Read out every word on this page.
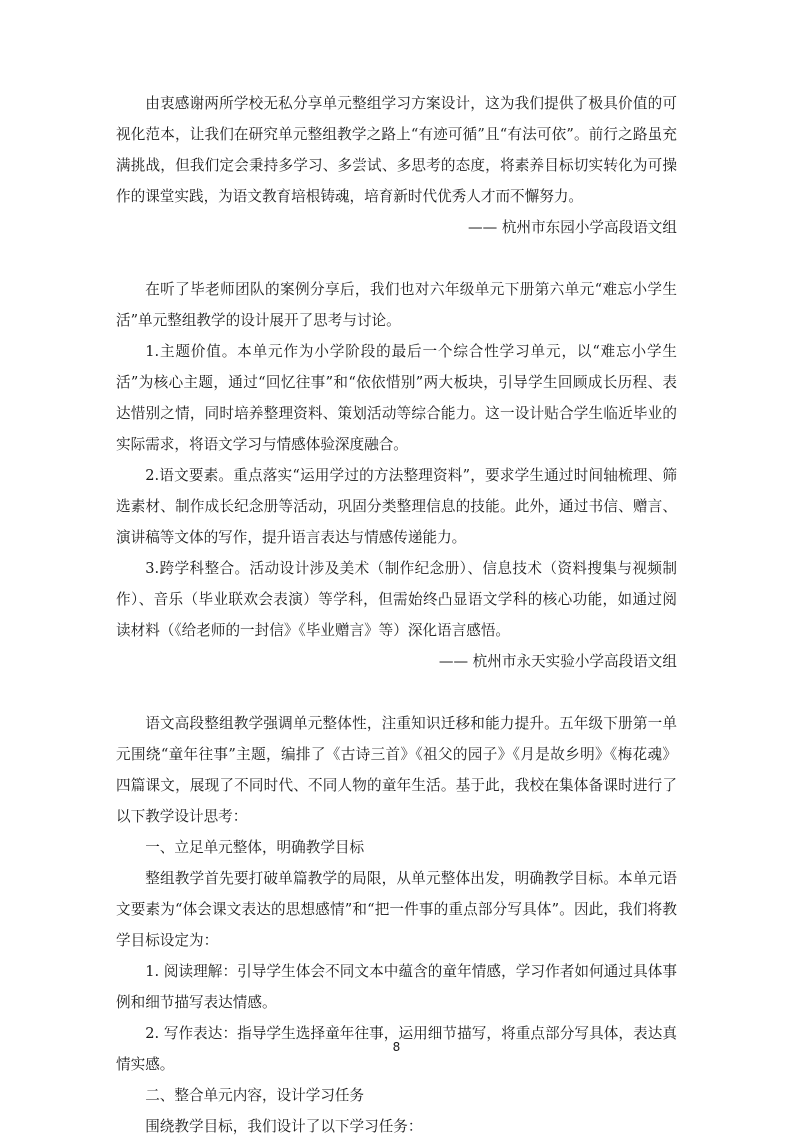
由衷感谢两所学校无私分享单元整组学习方案设计，这为我们提供了极具价值的可视化范本，让我们在研究单元整组教学之路上“有迹可循”且“有法可依”。前行之路虽充满挑战，但我们定会秉持多学习、多尝试、多思考的态度，将素养目标切实转化为可操作的课堂实践，为语文教育培根铸魂，培育新时代优秀人才而不懈努力。

—— 杭州市东园小学高段语文组

在听了毕老师团队的案例分享后，我们也对六年级单元下册第六单元“难忘小学生活”单元整组教学的设计展开了思考与讨论。

1.主题价值。本单元作为小学阶段的最后一个综合性学习单元，以“难忘小学生活”为核心主题，通过“回忆往事”和“依依惜别”两大板块，引导学生回顾成长历程、表达惜别之情，同时培养整理资料、策划活动等综合能力。这一设计贴合学生临近毕业的实际需求，将语文学习与情感体验深度融合。

2.语文要素。重点落实“运用学过的方法整理资料”，要求学生通过时间轴梳理、筛选素材、制作成长纪念册等活动，巩固分类整理信息的技能。此外，通过书信、赠言、演讲稿等文体的写作，提升语言表达与情感传递能力。

3.跨学科整合。活动设计涉及美术（制作纪念册）、信息技术（资料搜集与视频制作）、音乐（毕业联欢会表演）等学科，但需始终凸显语文学科的核心功能，如通过阅读材料（《给老师的一封信》《毕业赠言》等）深化语言感悟。

—— 杭州市永天实验小学高段语文组

语文高段整组教学强调单元整体性，注重知识迁移和能力提升。五年级下册第一单元围绕“童年往事”主题，编排了《古诗三首》《祖父的园子》《月是故乡明》《梅花魂》四篇课文，展现了不同时代、不同人物的童年生活。基于此，我校在集体备课时进行了以下教学设计思考：

一、立足单元整体，明确教学目标

整组教学首先要打破单篇教学的局限，从单元整体出发，明确教学目标。本单元语文要素为“体会课文表达的思想感情”和“把一件事的重点部分写具体”。因此，我们将教学目标设定为：

1. 阅读理解：引导学生体会不同文本中蕴含的童年情感，学习作者如何通过具体事例和细节描写表达情感。

2. 写作表达：指导学生选择童年往事，运用细节描写，将重点部分写具体，表达真情实感。

二、整合单元内容，设计学习任务

围绕教学目标，我们设计了以下学习任务：

8
